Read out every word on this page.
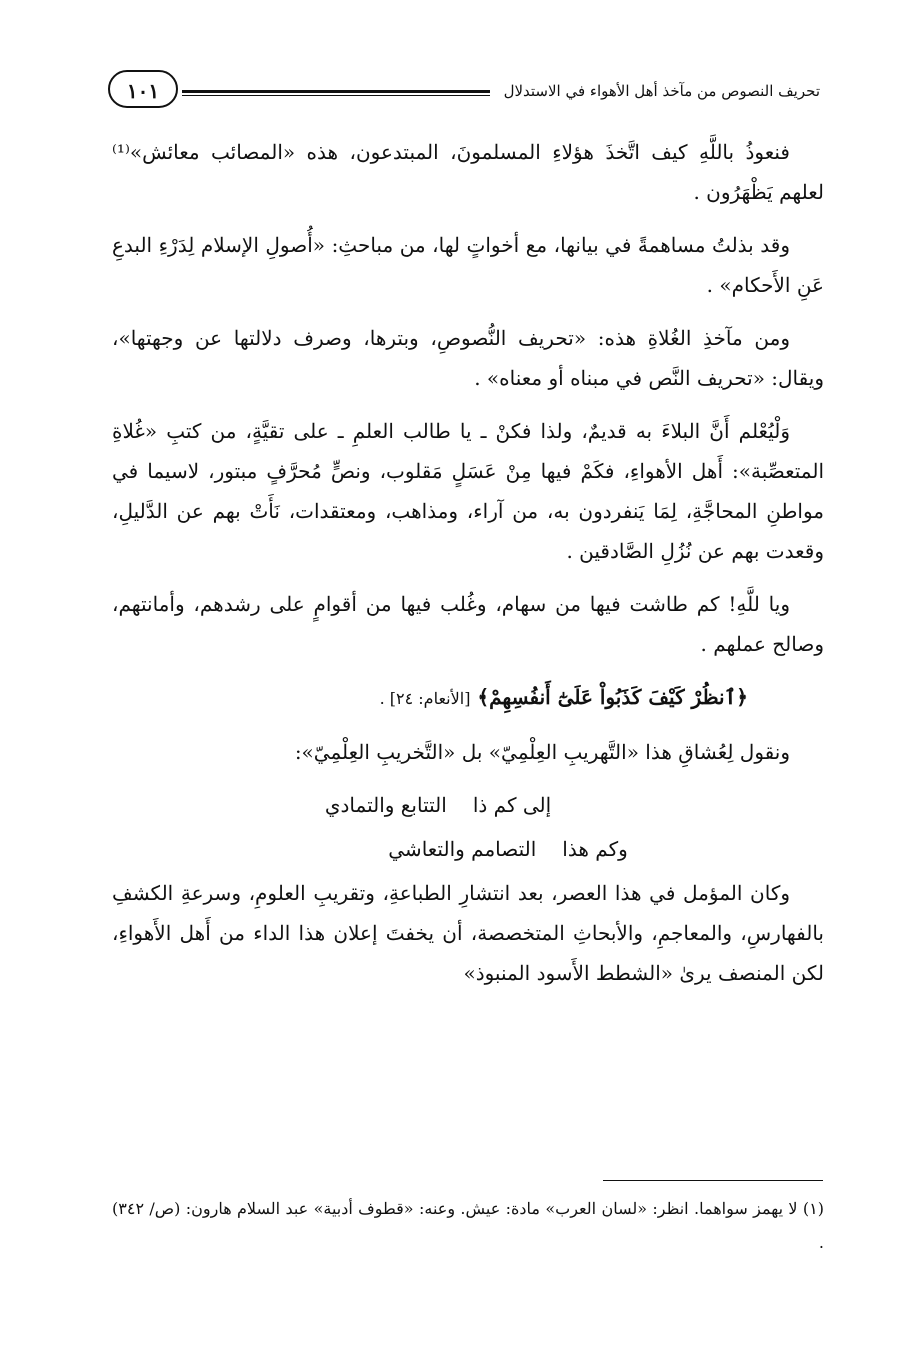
تحريف النصوص من مآخذ أهل الأهواء في الاستدلال
١٠١

فنعوذُ باللَّهِ كيف اتَّخذَ هؤلاءِ المسلمونَ، المبتدعون، هذه «المصائب معائش»⁽¹⁾ لعلهم يَظْهَرُون .

وقد بذلتُ مساهمةً في بيانها، مع أخواتٍ لها، من مباحثِ: «أُصولِ الإسلام لِدَرْءِ البدعِ عَنِ الأَحكام» .

ومن مآخذِ الغُلاةِ هذه: «تحريف النُّصوصِ، وبترها، وصرف دلالتها عن وجهتها»، ويقال: «تحريف النَّص في مبناه أو معناه» .

وَلْيُعْلم أَنَّ البلاءَ به قديمٌ، ولذا فكنْ ـ يا طالب العلمِ ـ على تقيَّةٍ، من كتبِ «غُلاةِ المتعصِّبة»: أَهل الأهواءِ، فكَمْ فيها مِنْ عَسَلٍ مَقلوب، ونصٍّ مُحرَّفٍ مبتور، لاسيما في مواطنِ المحاجَّةِ، لِمَا يَنفردون به، من آراء، ومذاهب، ومعتقدات، نَأَتْ بهم عن الدَّليلِ، وقعدت بهم عن نُزُلِ الصَّادقين .

ويا للَّهِ! كم طاشت فيها من سهام، وغُلب فيها من أقوامٍ على رشدهم، وأمانتهم، وصالح عملهم .

﴿ٱنظُرْ كَيْفَ كَذَبُواْ عَلَىٰٓ أَنفُسِهِمْ﴾ [الأنعام: ٢٤] .

ونقول لِعُشاقِ هذا «التَّهريبِ العِلْمِيّ» بل «التَّخريبِ العِلْمِيّ»:

إلى كم ذا
التتابع والتمادي
وكم هذا
التصامم والتعاشي

وكان المؤمل في هذا العصر، بعد انتشارِ الطباعةِ، وتقريبِ العلومِ، وسرعةِ الكشفِ بالفهارسِ، والمعاجمِ، والأبحاثِ المتخصصة، أن يخفتَ إعلان هذا الداء من أَهل الأَهواءِ، لكن المنصف يرىٰ «الشطط الأَسود المنبوذ»

(١) لا يهمز سواهما. انظر: «لسان العرب» مادة: عيش. وعنه: «قطوف أدبية» عبد السلام هارون: (ص/ ٣٤٢) .
